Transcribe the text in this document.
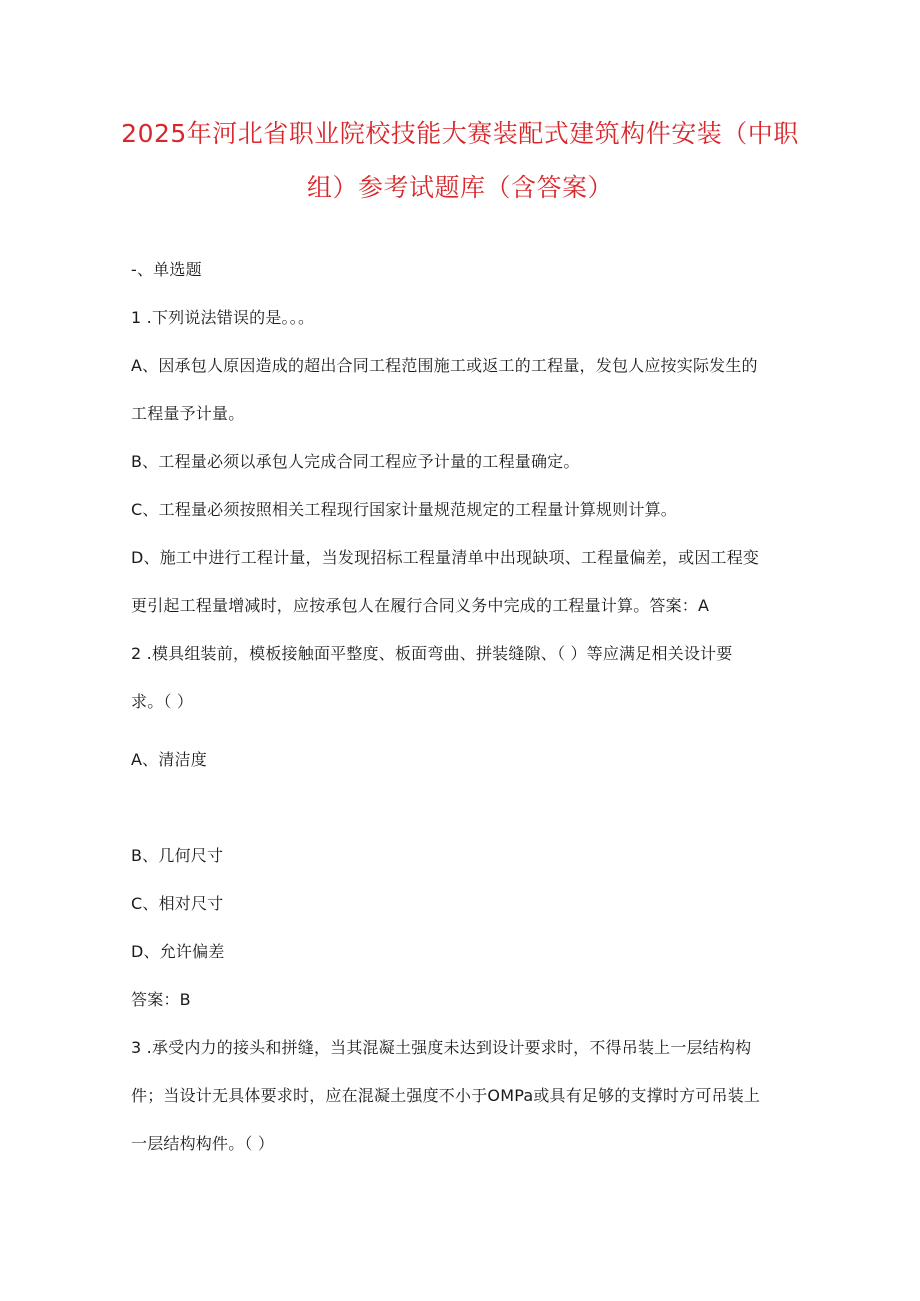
2025年河北省职业院校技能大赛装配式建筑构件安装（中职
组）参考试题库（含答案）
-、单选题
1 .下列说法错误的是。。。
A、因承包人原因造成的超出合同工程范围施工或返工的工程量，发包人应按实际发生的
工程量予计量。
B、工程量必须以承包人完成合同工程应予计量的工程量确定。
C、工程量必须按照相关工程现行国家计量规范规定的工程量计算规则计算。
D、施工中进行工程计量，当发现招标工程量清单中出现缺项、工程量偏差，或因工程变
更引起工程量增减时，应按承包人在履行合同义务中完成的工程量计算。答案：A
2 .模具组装前，模板接触面平整度、板面弯曲、拼装缝隙、（ ）等应满足相关设计要
求。（ ）
A、清洁度
B、几何尺寸
C、相对尺寸
D、允许偏差
答案：B
3 .承受内力的接头和拼缝，当其混凝土强度未达到设计要求时，不得吊装上一层结构构
件；当设计无具体要求时，应在混凝土强度不小于OMPa或具有足够的支撑时方可吊装上
一层结构构件。（ ）
